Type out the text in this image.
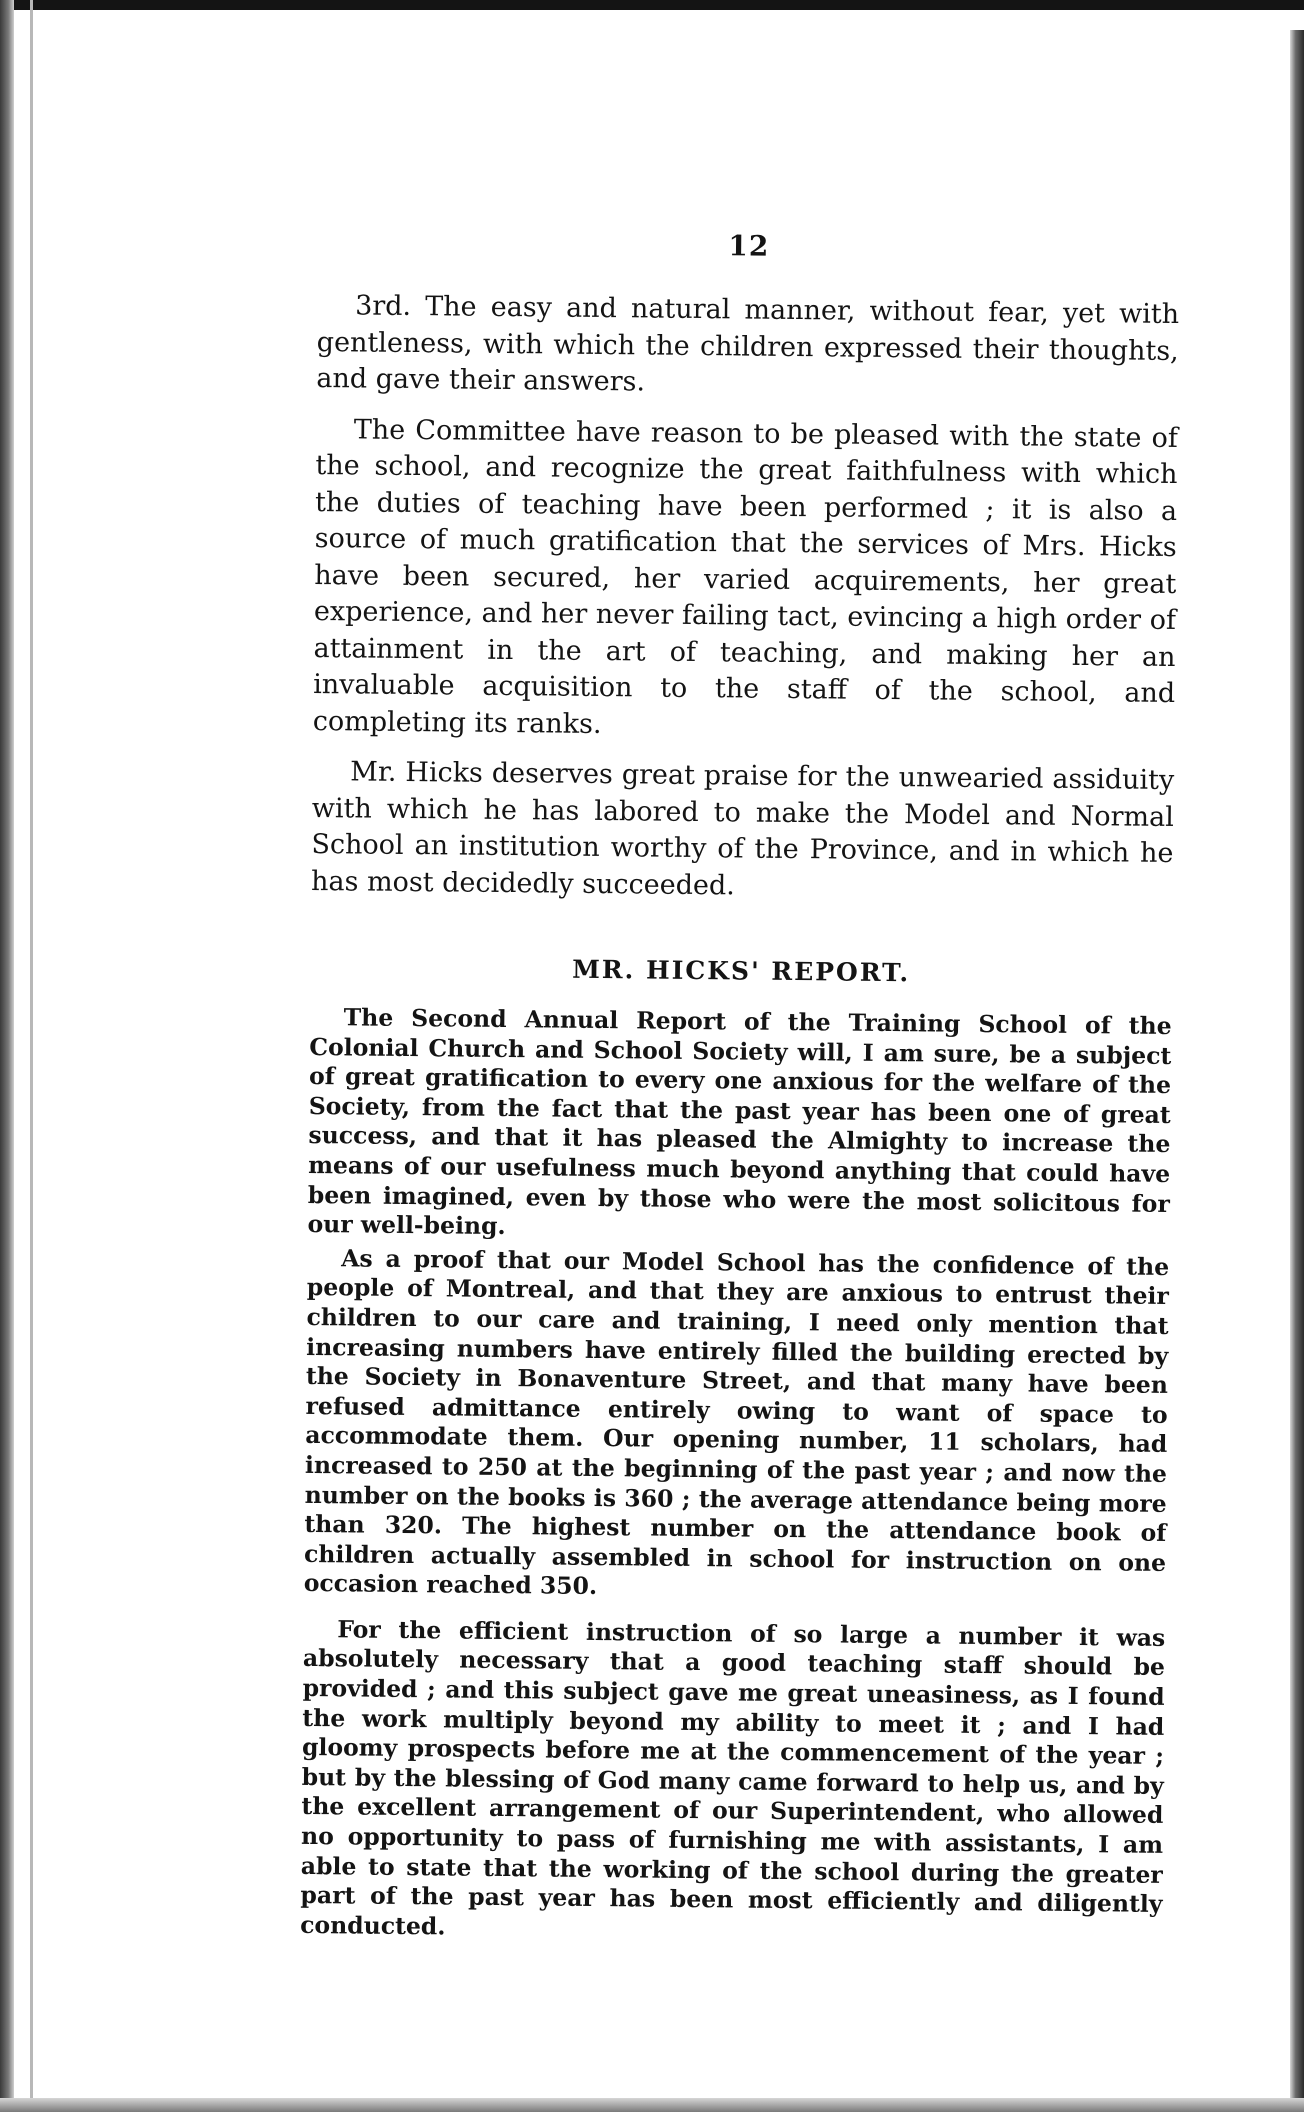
12

3rd. The easy and natural manner, without fear, yet with gentleness, with which the children expressed their thoughts, and gave their answers.

The Committee have reason to be pleased with the state of the school, and recognize the great faithfulness with which the duties of teaching have been performed ; it is also a source of much gratification that the services of Mrs. Hicks have been secured, her varied acquirements, her great experience, and her never failing tact, evincing a high order of attainment in the art of teaching, and making her an invaluable acquisition to the staff of the school, and completing its ranks.

Mr. Hicks deserves great praise for the unwearied assiduity with which he has labored to make the Model and Normal School an institution worthy of the Province, and in which he has most decidedly succeeded.

MR. HICKS' REPORT.

The Second Annual Report of the Training School of the Colonial Church and School Society will, I am sure, be a subject of great gratification to every one anxious for the welfare of the Society, from the fact that the past year has been one of great success, and that it has pleased the Almighty to increase the means of our usefulness much beyond anything that could have been imagined, even by those who were the most solicitous for our well-being.

As a proof that our Model School has the confidence of the people of Montreal, and that they are anxious to entrust their children to our care and training, I need only mention that increasing numbers have entirely filled the building erected by the Society in Bonaventure Street, and that many have been refused admittance entirely owing to want of space to accommodate them. Our opening number, 11 scholars, had increased to 250 at the beginning of the past year ; and now the number on the books is 360 ; the average attendance being more than 320. The highest number on the attendance book of children actually assembled in school for instruction on one occasion reached 350.

For the efficient instruction of so large a number it was absolutely necessary that a good teaching staff should be provided ; and this subject gave me great uneasiness, as I found the work multiply beyond my ability to meet it ; and I had gloomy prospects before me at the commencement of the year ; but by the blessing of God many came forward to help us, and by the excellent arrangement of our Superintendent, who allowed no opportunity to pass of furnishing me with assistants, I am able to state that the working of the school during the greater part of the past year has been most efficiently and diligently conducted.
